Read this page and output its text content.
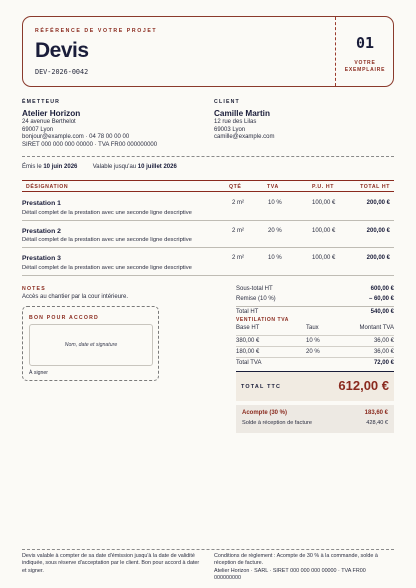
RÉFÉRENCE DE VOTRE PROJET
Devis
DEV-2026-0042
01
VOTRE
EXEMPLAIRE
ÉMETTEUR
Atelier Horizon
24 avenue Berthelot
69007 Lyon
bonjour@example.com · 04 78 00 00 00
SIRET 000 000 000 00000 · TVA FR00 000000000
CLIENT
Camille Martin
12 rue des Lilas
69003 Lyon
camille@example.com
Émis le 10 juin 2026	Valable jusqu'au 10 juillet 2026
DÉSIGNATION	QTÉ	TVA	P.U. HT	TOTAL HT
Prestation 1
Détail complet de la prestation avec une seconde ligne descriptive
2 m²	10 %	100,00 €	200,00 €
Prestation 2
Détail complet de la prestation avec une seconde ligne descriptive
2 m²	20 %	100,00 €	200,00 €
Prestation 3
Détail complet de la prestation avec une seconde ligne descriptive
2 m²	10 %	100,00 €	200,00 €
NOTES
Accès au chantier par la cour intérieure.
BON POUR ACCORD
Nom, date et signature
À signer
Sous-total HT	600,00 €
Remise (10 %)	– 60,00 €
Total HT	540,00 €
VENTILATION TVA
Base HT	Taux	Montant TVA
380,00 €	10 %	36,00 €
180,00 €	20 %	36,00 €
Total TVA	72,00 €
TOTAL TTC	612,00 €
Acompte (30 %)	183,60 €
Solde à réception de facture	428,40 €
Devis valable à compter de sa date d'émission jusqu'à la date de validité
indiquée, sous réserve d'acceptation par le client. Bon pour accord à dater
et signer.
Conditions de règlement : Acompte de 30 % à la commande, solde à
réception de facture.
Atelier Horizon · SARL · SIRET 000 000 000 00000 · TVA FR00 000000000
